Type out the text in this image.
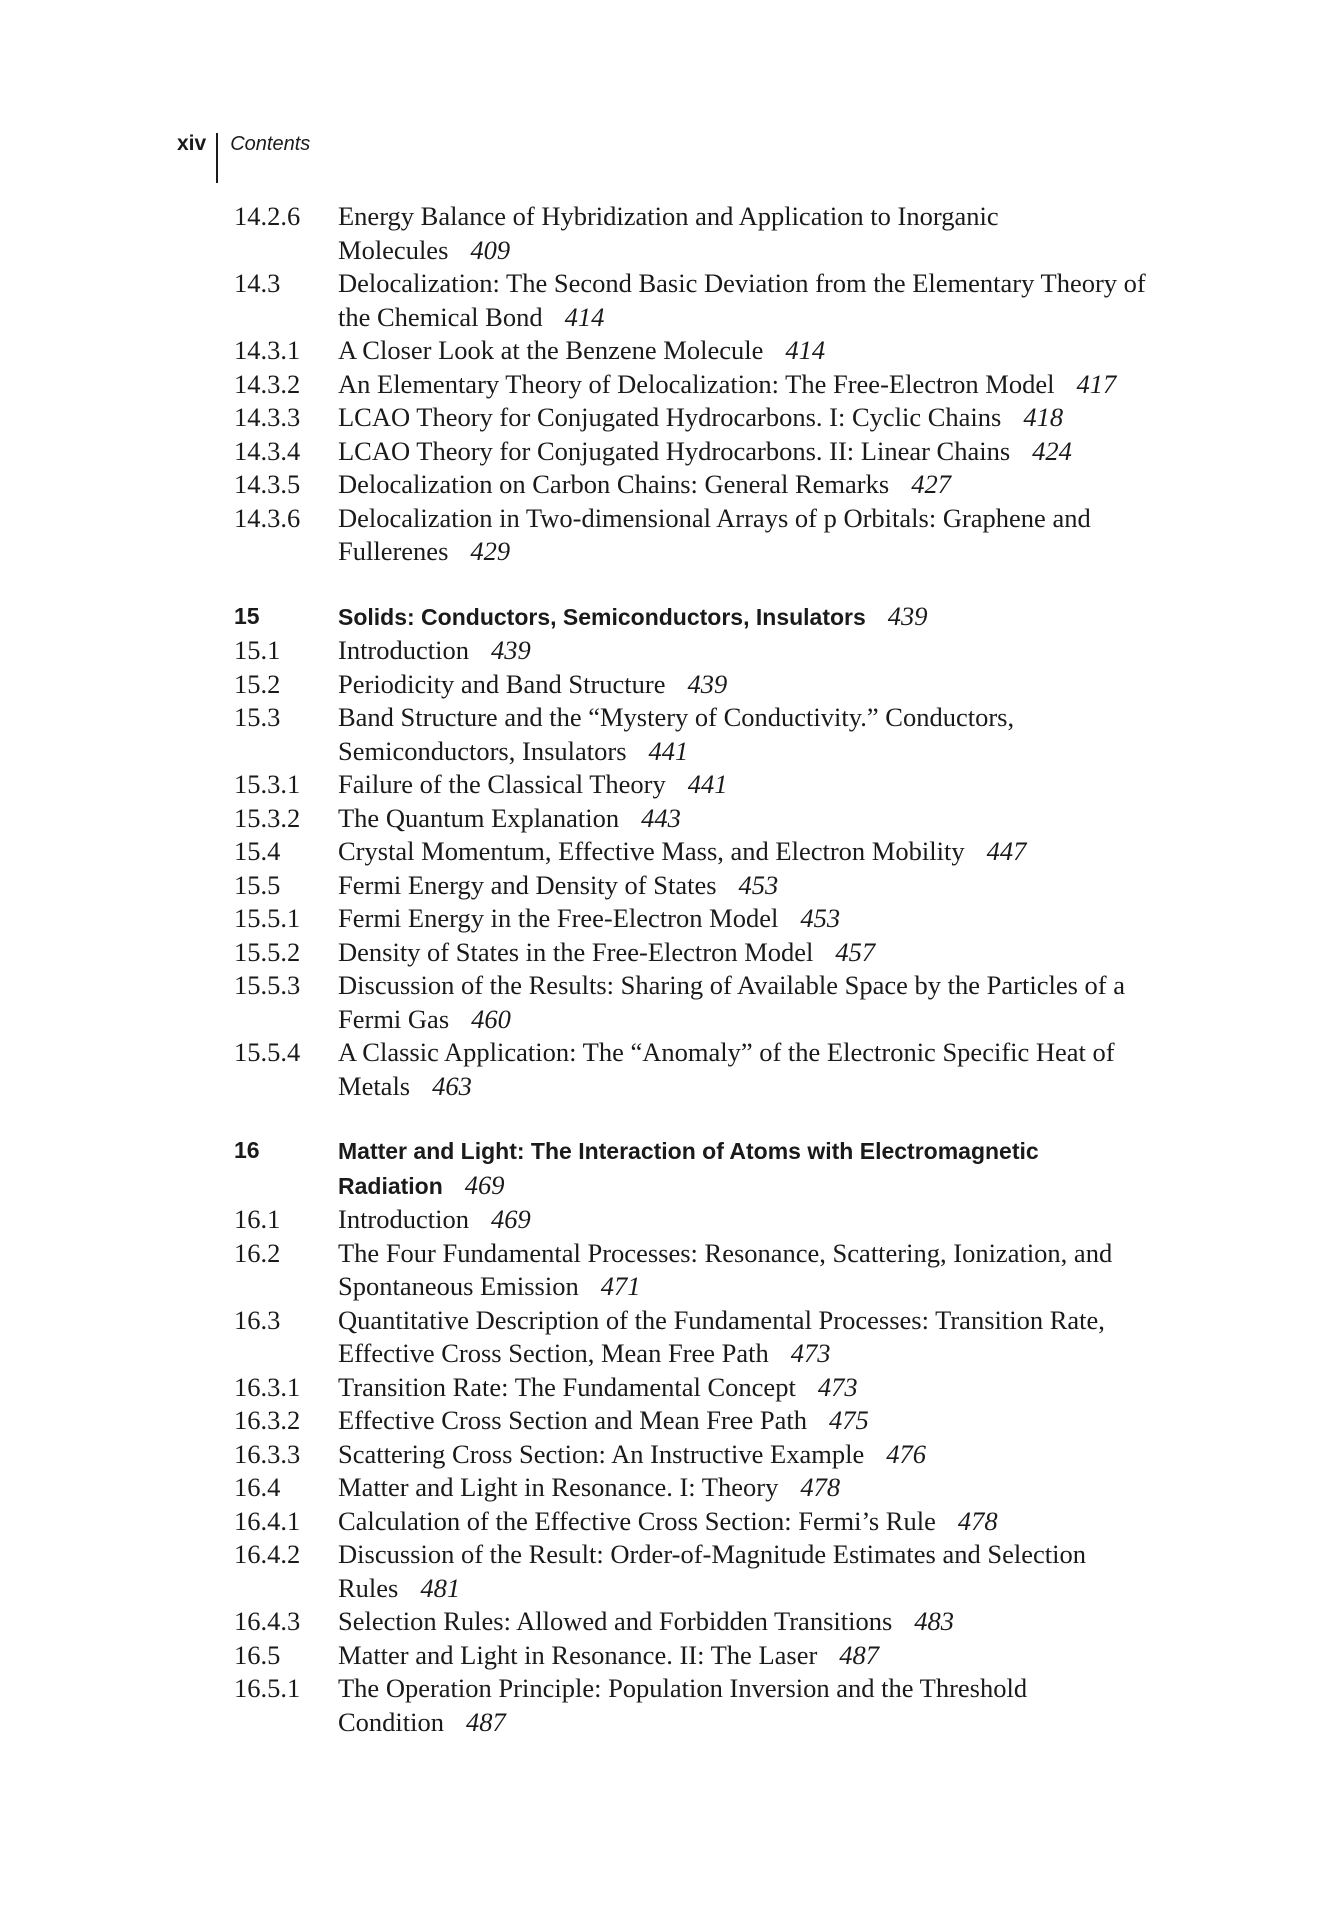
xiv	Contents
14.2.6	Energy Balance of Hybridization and Application to Inorganic Molecules 409
14.3	Delocalization: The Second Basic Deviation from the Elementary Theory of the Chemical Bond 414
14.3.1	A Closer Look at the Benzene Molecule 414
14.3.2	An Elementary Theory of Delocalization: The Free-Electron Model 417
14.3.3	LCAO Theory for Conjugated Hydrocarbons. I: Cyclic Chains 418
14.3.4	LCAO Theory for Conjugated Hydrocarbons. II: Linear Chains 424
14.3.5	Delocalization on Carbon Chains: General Remarks 427
14.3.6	Delocalization in Two-dimensional Arrays of p Orbitals: Graphene and Fullerenes 429
15	Solids: Conductors, Semiconductors, Insulators 439
15.1	Introduction 439
15.2	Periodicity and Band Structure 439
15.3	Band Structure and the “Mystery of Conductivity.” Conductors, Semiconductors, Insulators 441
15.3.1	Failure of the Classical Theory 441
15.3.2	The Quantum Explanation 443
15.4	Crystal Momentum, Effective Mass, and Electron Mobility 447
15.5	Fermi Energy and Density of States 453
15.5.1	Fermi Energy in the Free-Electron Model 453
15.5.2	Density of States in the Free-Electron Model 457
15.5.3	Discussion of the Results: Sharing of Available Space by the Particles of a Fermi Gas 460
15.5.4	A Classic Application: The “Anomaly” of the Electronic Specific Heat of Metals 463
16	Matter and Light: The Interaction of Atoms with Electromagnetic Radiation 469
16.1	Introduction 469
16.2	The Four Fundamental Processes: Resonance, Scattering, Ionization, and Spontaneous Emission 471
16.3	Quantitative Description of the Fundamental Processes: Transition Rate, Effective Cross Section, Mean Free Path 473
16.3.1	Transition Rate: The Fundamental Concept 473
16.3.2	Effective Cross Section and Mean Free Path 475
16.3.3	Scattering Cross Section: An Instructive Example 476
16.4	Matter and Light in Resonance. I: Theory 478
16.4.1	Calculation of the Effective Cross Section: Fermi’s Rule 478
16.4.2	Discussion of the Result: Order-of-Magnitude Estimates and Selection Rules 481
16.4.3	Selection Rules: Allowed and Forbidden Transitions 483
16.5	Matter and Light in Resonance. II: The Laser 487
16.5.1	The Operation Principle: Population Inversion and the Threshold Condition 487
